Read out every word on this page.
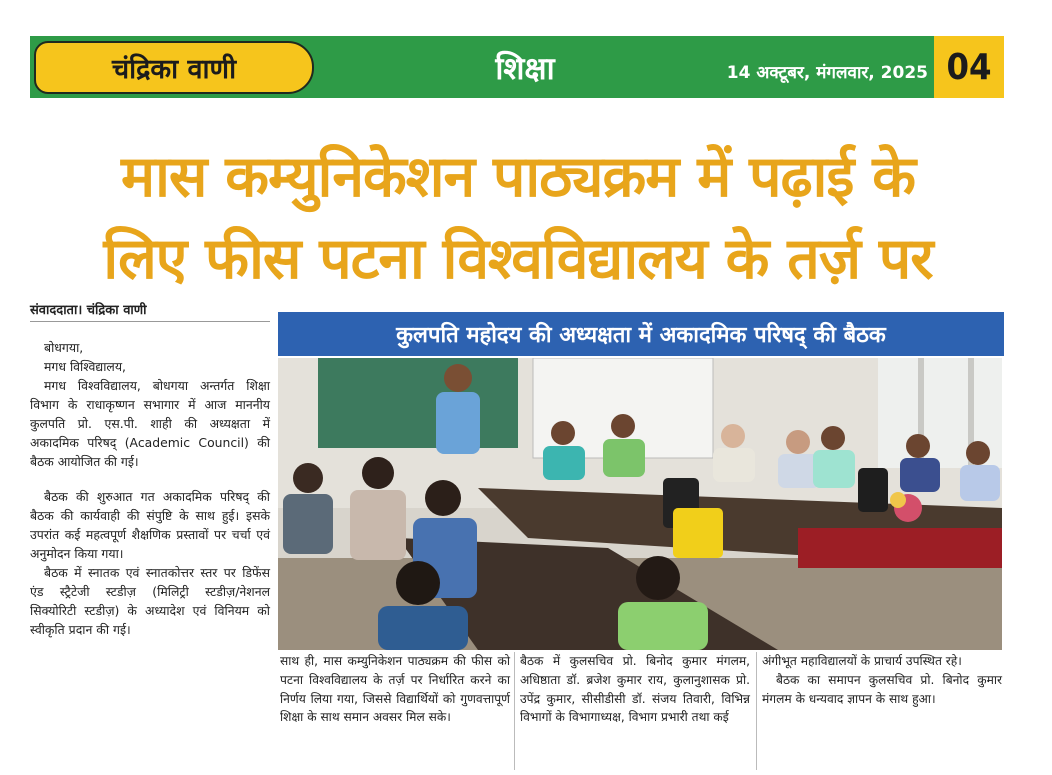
चंद्रिका वाणी	शिक्षा	14 अक्टूबर, मंगलवार, 2025 04
मास कम्युनिकेशन पाठ्यक्रम में पढ़ाई के
लिए फीस पटना विश्वविद्यालय के तर्ज़ पर
संवाददाता। चंद्रिका वाणी

बोधगया,

मगध विश्विद्यालय,

मगध विश्वविद्यालय, बोधगया अन्तर्गत शिक्षा विभाग के राधाकृष्णन सभागार में आज माननीय कुलपति प्रो. एस.पी. शाही की अध्यक्षता में अकादमिक परिषद् (Academic Council) की बैठक आयोजित की गई।

बैठक की शुरुआत गत अकादमिक परिषद् की बैठक की कार्यवाही की संपुष्टि के साथ हुई। इसके उपरांत कई महत्वपूर्ण शैक्षणिक प्रस्तावों पर चर्चा एवं अनुमोदन किया गया।

बैठक में स्नातक एवं स्नातकोत्तर स्तर पर डिफेंस एंड स्ट्रैटेजी स्टडीज़ (मिलिट्री स्टडीज़/नेशनल सिक्योरिटी स्टडीज़) के अध्यादेश एवं विनियम को स्वीकृति प्रदान की गई।

कुलपति महोदय की अध्यक्षता में अकादमिक परिषद् की बैठक

साथ ही, मास कम्युनिकेशन पाठ्यक्रम की फीस को पटना विश्वविद्यालय के तर्ज़ पर निर्धारित करने का निर्णय लिया गया, जिससे विद्यार्थियों को गुणवत्तापूर्ण शिक्षा के साथ समान अवसर मिल सके।

बैठक में कुलसचिव प्रो. बिनोद कुमार मंगलम, अधिष्ठाता डॉ. ब्रजेश कुमार राय, कुलानुशासक प्रो. उपेंद्र कुमार, सीसीडीसी डॉ. संजय तिवारी, विभिन्न विभागों के विभागाध्यक्ष, विभाग प्रभारी तथा कई

अंगीभूत महाविद्यालयों के प्राचार्य उपस्थित रहे।

बैठक का समापन कुलसचिव प्रो. बिनोद कुमार मंगलम के धन्यवाद ज्ञापन के साथ हुआ।
